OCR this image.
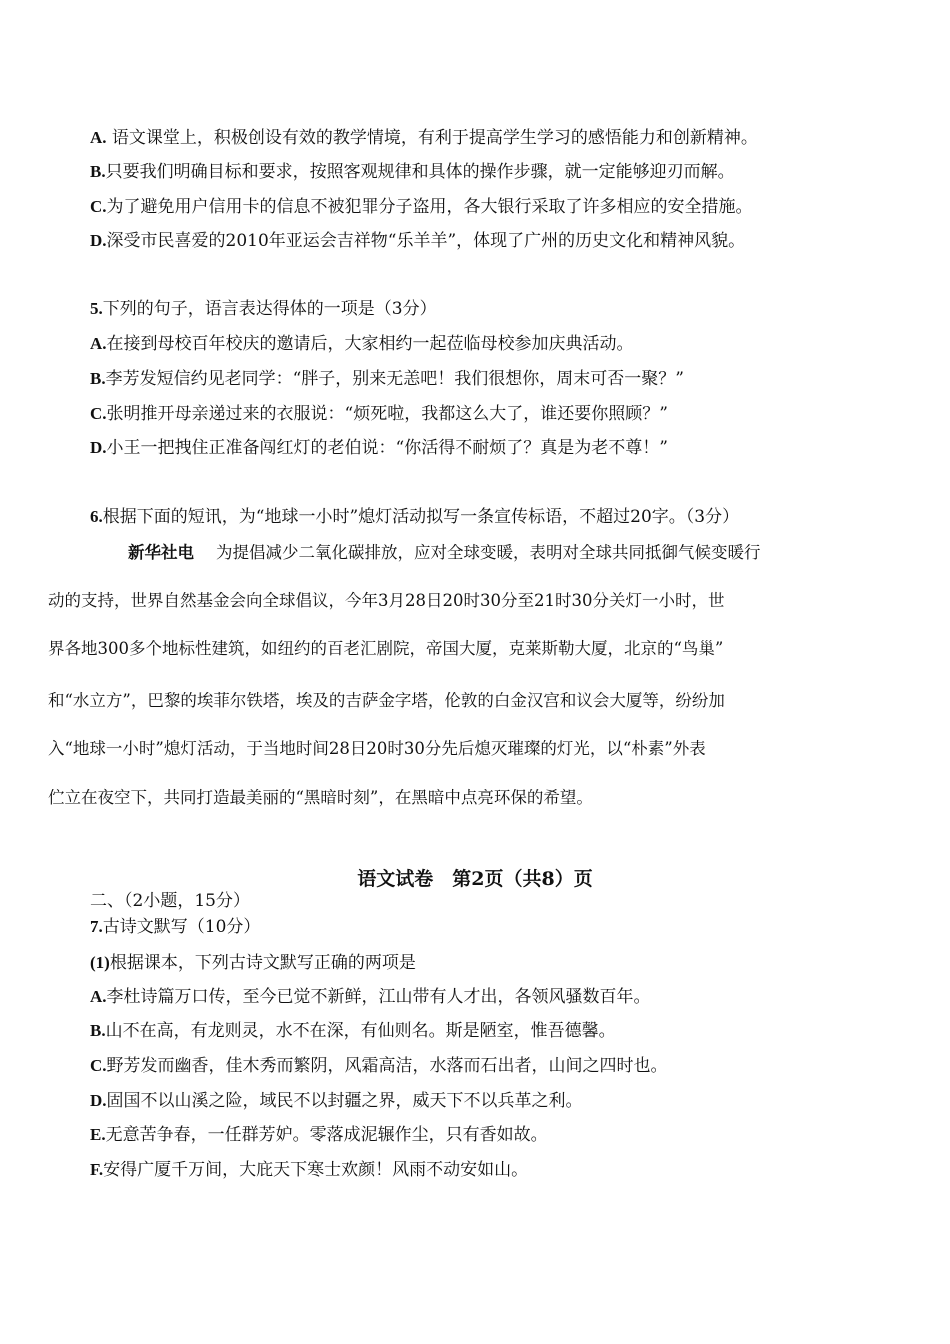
A. 语文课堂上，积极创设有效的教学情境，有利于提高学生学习的感悟能力和创新精神。
B.只要我们明确目标和要求，按照客观规律和具体的操作步骤，就一定能够迎刃而解。
C.为了避免用户信用卡的信息不被犯罪分子盗用，各大银行采取了许多相应的安全措施。
D.深受市民喜爱的2010年亚运会吉祥物“乐羊羊”，体现了广州的历史文化和精神风貌。
5.下列的句子，语言表达得体的一项是（3分）
A.在接到母校百年校庆的邀请后，大家相约一起莅临母校参加庆典活动。
B.李芳发短信约见老同学：“胖子，别来无恙吧！我们很想你，周末可否一聚？”
C.张明推开母亲递过来的衣服说：“烦死啦，我都这么大了，谁还要你照顾？”
D.小王一把拽住正准备闯红灯的老伯说：“你活得不耐烦了？真是为老不尊！”
6.根据下面的短讯，为“地球一小时”熄灯活动拟写一条宣传标语，不超过20字。（3分）
新华社电 为提倡减少二氧化碳排放，应对全球变暖，表明对全球共同抵御气候变暖行
动的支持，世界自然基金会向全球倡议，今年3月28日20时30分至21时30分关灯一小时，世
界各地300多个地标性建筑，如纽约的百老汇剧院，帝国大厦，克莱斯勒大厦，北京的“鸟巢”
和“水立方”，巴黎的埃菲尔铁塔，埃及的吉萨金字塔，伦敦的白金汉宫和议会大厦等，纷纷加
入“地球一小时”熄灯活动，于当地时间28日20时30分先后熄灭璀璨的灯光，以“朴素”外表
伫立在夜空下，共同打造最美丽的“黑暗时刻”，在黑暗中点亮环保的希望。
语文试卷　第2页（共8）页
二、（2小题，15分）
7.古诗文默写（10分）
(1)根据课本，下列古诗文默写正确的两项是
A.李杜诗篇万口传，至今已觉不新鲜，江山带有人才出，各领风骚数百年。
B.山不在高，有龙则灵，水不在深，有仙则名。斯是陋室，惟吾德馨。
C.野芳发而幽香，佳木秀而繁阴，风霜高洁，水落而石出者，山间之四时也。
D.固国不以山溪之险，域民不以封疆之界，威天下不以兵革之利。
E.无意苦争春，一任群芳妒。零落成泥辗作尘，只有香如故。
F.安得广厦千万间，大庇天下寒士欢颜！风雨不动安如山。
